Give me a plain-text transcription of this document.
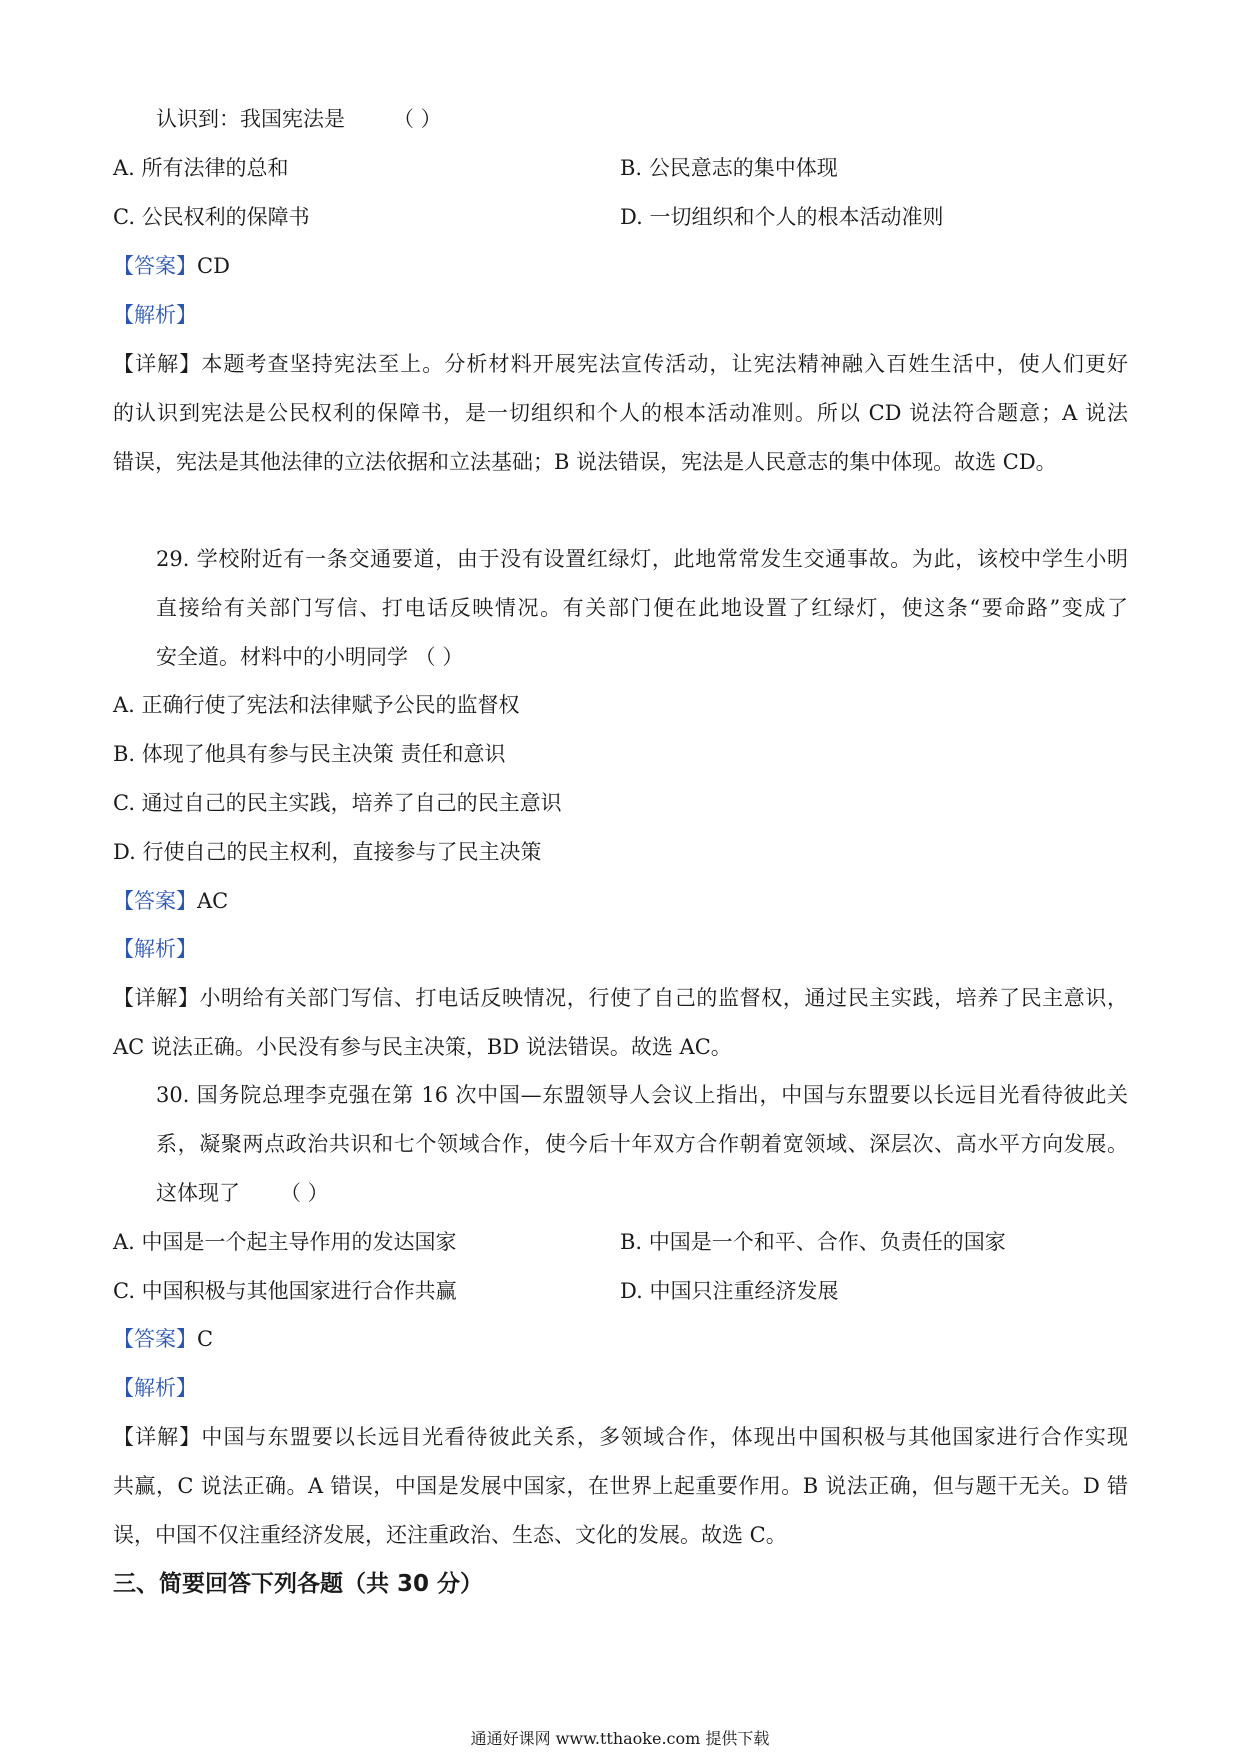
认识到：我国宪法是 （ ）
A. 所有法律的总和	B. 公民意志的集中体现
C. 公民权利的保障书	D. 一切组织和个人的根本活动准则
【答案】CD
【解析】
【详解】本题考查坚持宪法至上。分析材料开展宪法宣传活动，让宪法精神融入百姓生活中，使人们更好
的认识到宪法是公民权利的保障书，是一切组织和个人的根本活动准则。所以 CD 说法符合题意；A 说法
错误，宪法是其他法律的立法依据和立法基础；B 说法错误，宪法是人民意志的集中体现。故选 CD。
29. 学校附近有一条交通要道，由于没有设置红绿灯，此地常常发生交通事故。为此，该校中学生小明
直接给有关部门写信、打电话反映情况。有关部门便在此地设置了红绿灯，使这条“要命路”变成了
安全道。材料中的小明同学 （ ）
A. 正确行使了宪法和法律赋予公民的监督权
B. 体现了他具有参与民主决策 责任和意识
C. 通过自己的民主实践，培养了自己的民主意识
D. 行使自己的民主权利，直接参与了民主决策
【答案】AC
【解析】
【详解】小明给有关部门写信、打电话反映情况，行使了自己的监督权，通过民主实践，培养了民主意识，
AC 说法正确。小民没有参与民主决策，BD 说法错误。故选 AC。
30. 国务院总理李克强在第 16 次中国—东盟领导人会议上指出，中国与东盟要以长远目光看待彼此关
系，凝聚两点政治共识和七个领域合作，使今后十年双方合作朝着宽领域、深层次、高水平方向发展。
这体现了 （ ）
A. 中国是一个起主导作用的发达国家	B. 中国是一个和平、合作、负责任的国家
C. 中国积极与其他国家进行合作共赢	D. 中国只注重经济发展
【答案】C
【解析】
【详解】中国与东盟要以长远目光看待彼此关系，多领域合作，体现出中国积极与其他国家进行合作实现
共赢，C 说法正确。A 错误，中国是发展中国家，在世界上起重要作用。B 说法正确，但与题干无关。D 错
误，中国不仅注重经济发展，还注重政治、生态、文化的发展。故选 C。
三、简要回答下列各题（共 30 分）
通通好课网 www.tthaoke.com 提供下载
